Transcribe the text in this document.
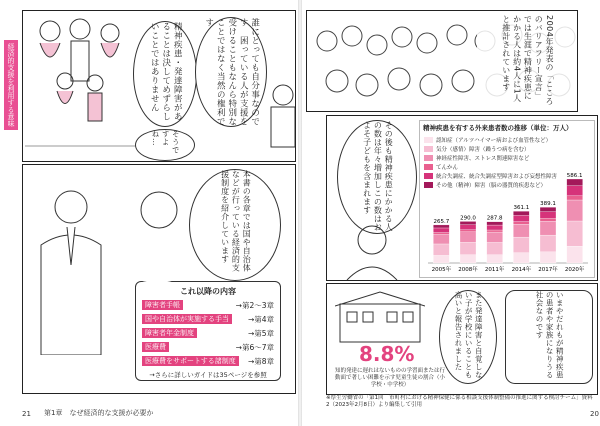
経済的支援を利用する意味	精神疾患・発達障害があることは決してめずらしいことではありません	誰にとっても自分事なのです　困っている人が支援を受けることもなんら特別なことではなく当然の権利です
そうですよね…
本書の各章では国や自治体などが行っている経済的支援制度を紹介しています
これ以降の内容
障害者手帳	→第2〜3章
国や自治体が実施する手当	→第4章
障害者年金制度	→第5章
医療費	→第6〜7章
医療費をサポートする諸制度	→第8章
→さらに詳しいガイドは35ページを参照
21 第1章　なぜ経済的な支援が必要か
2004年発表の「こころのバリアフリー宣言」では生涯で精神疾患にかかる人は約4人に1人と推計されています
その後も精神疾患にかかる人の数は年々増加しこの数はおよそ子どもを含まれます	精神疾患を有する外来患者数の推移（単位：万人）
認知症（アルツハイマー病および血管性など）
気分（感情）障害（躁うつ病を含む）
神経症性障害、ストレス関連障害など
てんかん
統合失調症、統合失調症型障害および妄想性障害
その他（精神）障害（脳の器質的疾患など）
265.7
2005年
290.0
2008年
287.8
2011年
361.1
2014年
389.1
2017年
586.1
2020年
8.8%
知的発達に遅れはないものの学習面または行動面で著しい困難を示す児童生徒の割合（小学校・中学校）
また発達障害と自覚しない子が学校にいることも高いと報告されました	いまやだれもが精神疾患の患者や家族になりうる社会なのです
※厚生労働省の「第1回　市町村における精神保健に係る相談支援体制整備の推進に関する検討チーム」資料2（2023年2月8日）より編集して引用
20
